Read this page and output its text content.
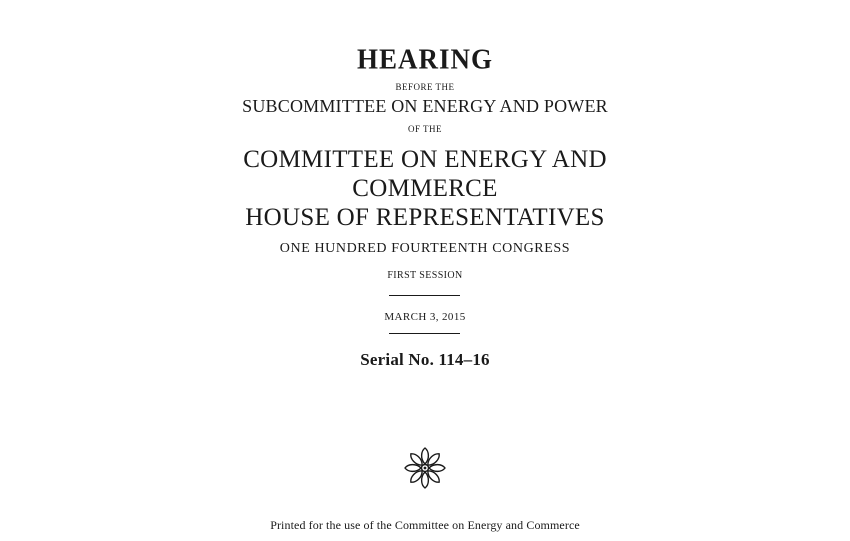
HEARING
BEFORE THE
SUBCOMMITTEE ON ENERGY AND POWER
OF THE
COMMITTEE ON ENERGY AND
COMMERCE
HOUSE OF REPRESENTATIVES
ONE HUNDRED FOURTEENTH CONGRESS
FIRST SESSION
MARCH 3, 2015
Serial No. 114–16
Printed for the use of the Committee on Energy and Commerce
